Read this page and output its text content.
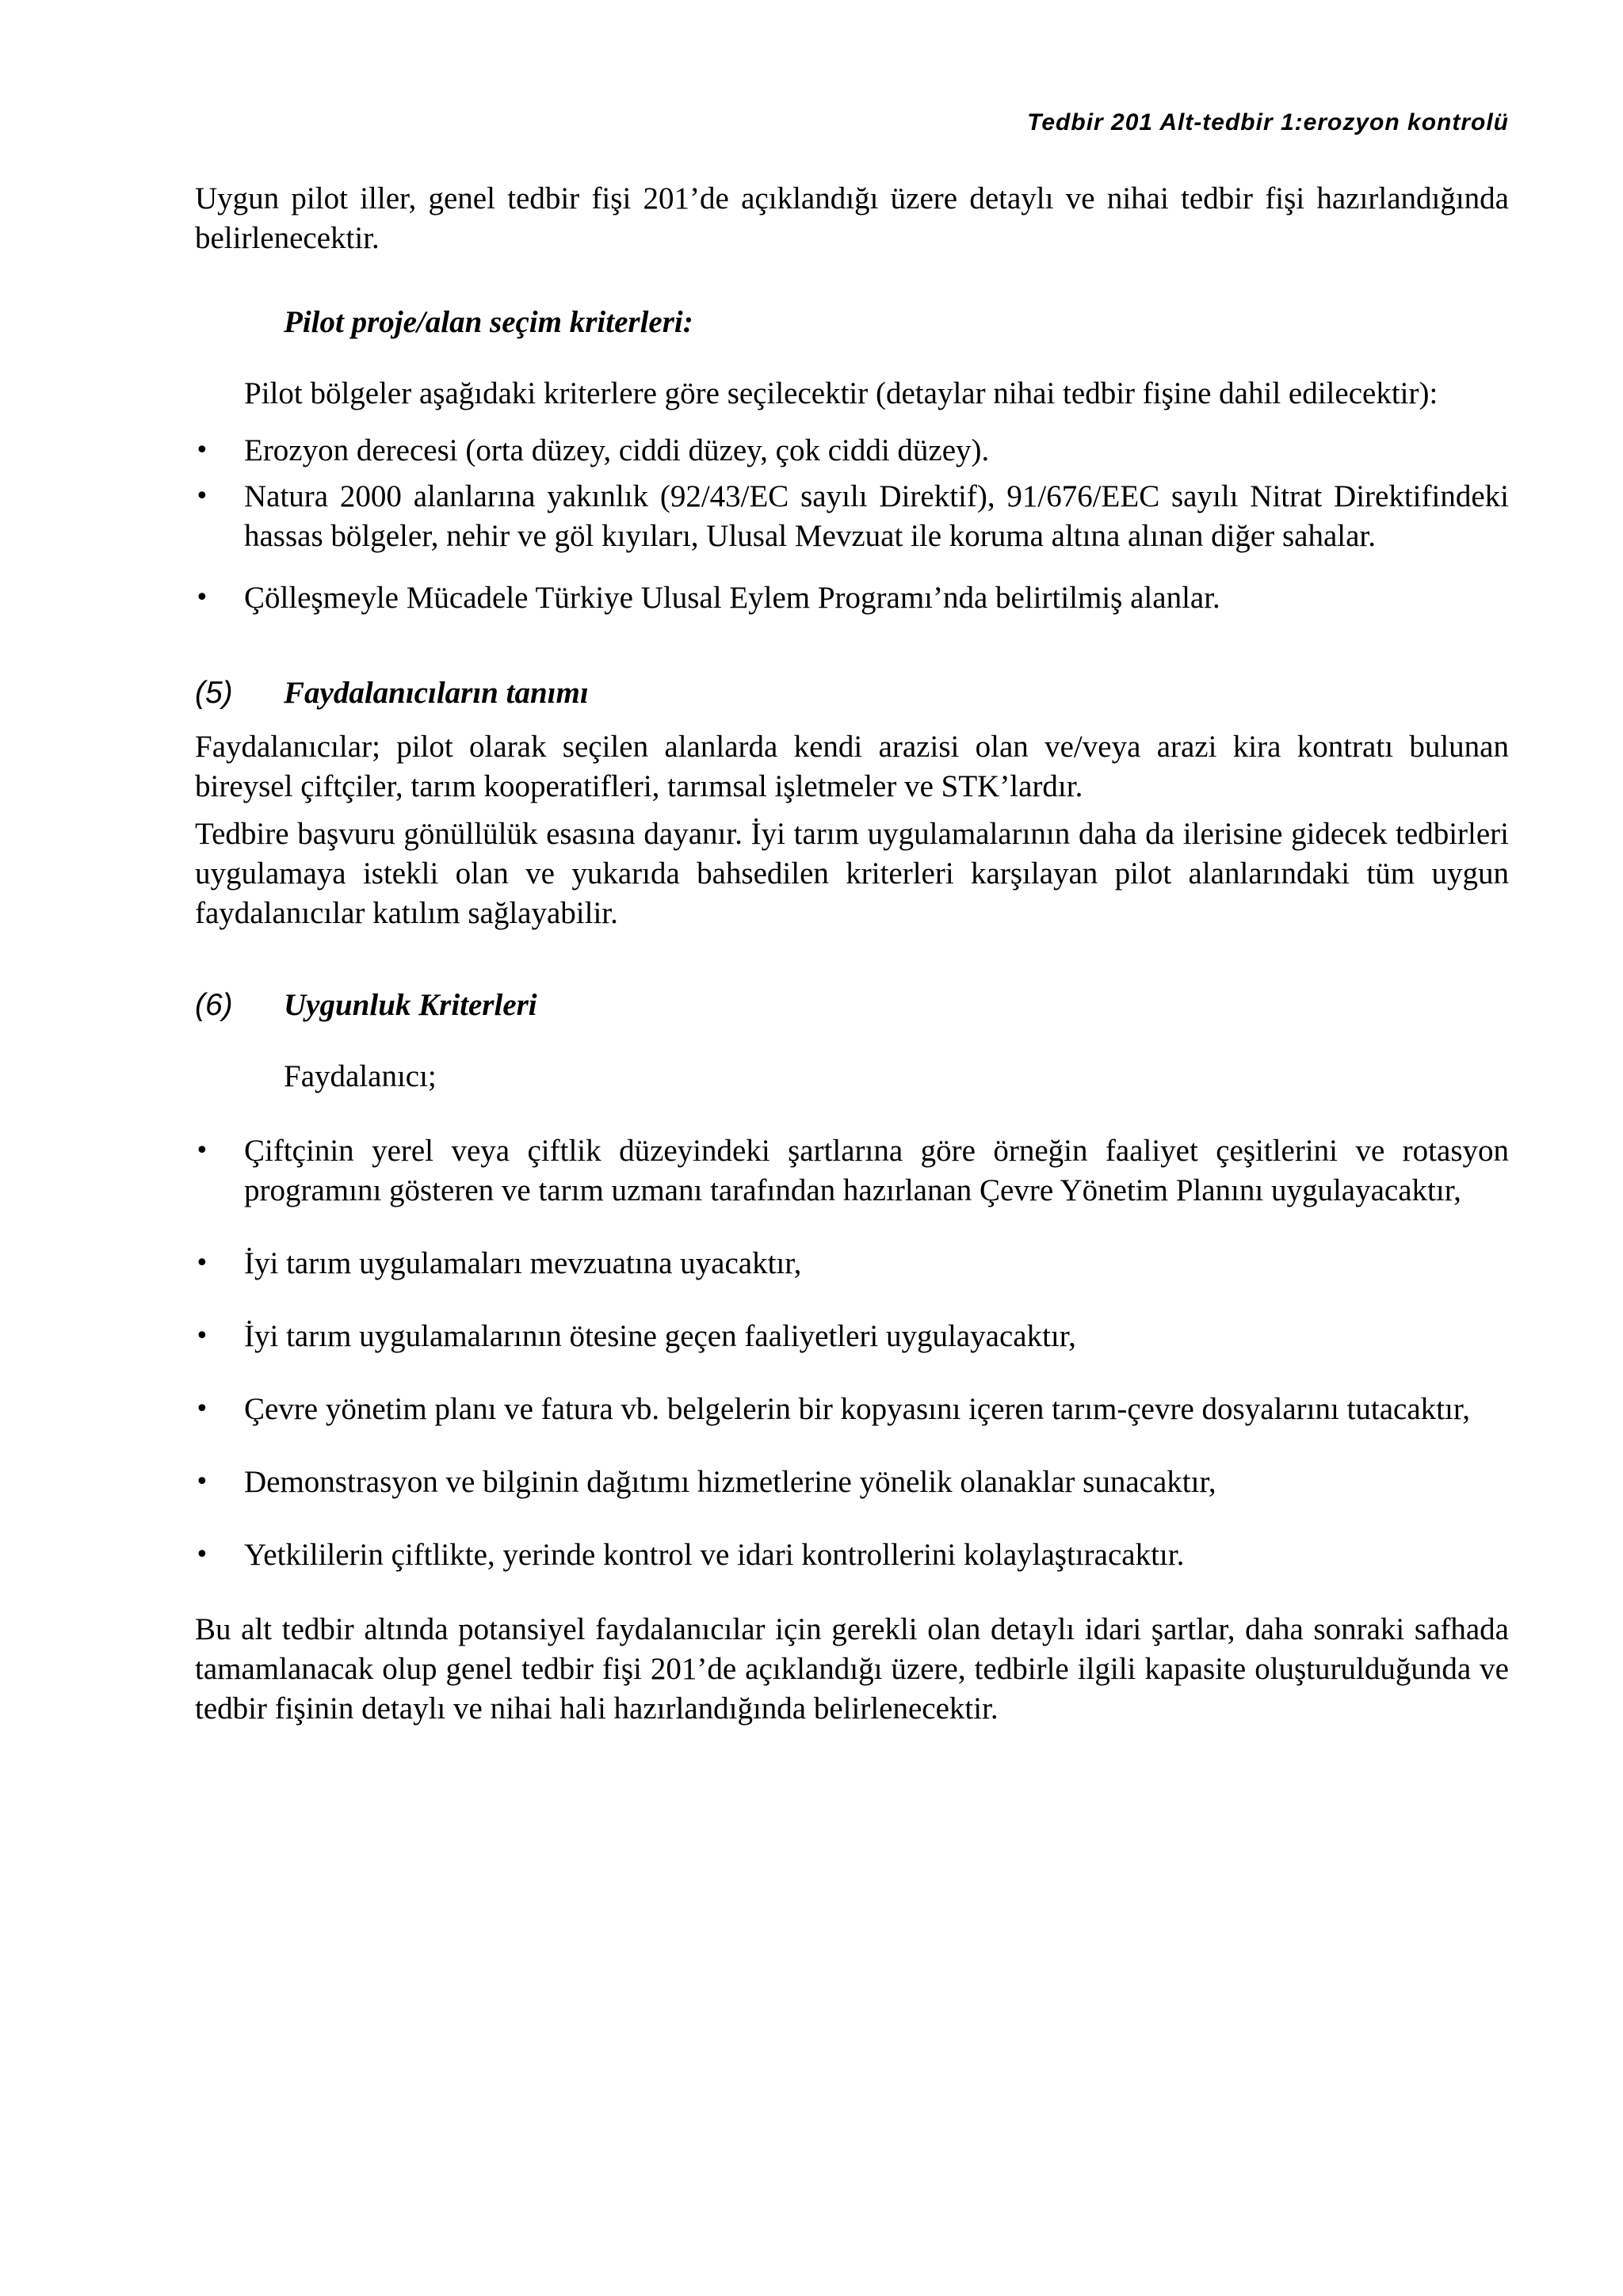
Tedbir 201 Alt-tedbir 1:erozyon kontrolü

Uygun pilot iller, genel tedbir fişi 201’de açıklandığı üzere detaylı ve nihai tedbir fişi hazırlandığında belirlenecektir.

Pilot proje/alan seçim kriterleri:

Pilot bölgeler aşağıdaki kriterlere göre seçilecektir (detaylar nihai tedbir fişine dahil edilecektir):

• Erozyon derecesi (orta düzey, ciddi düzey, çok ciddi düzey).
• Natura 2000 alanlarına yakınlık (92/43/EC sayılı Direktif), 91/676/EEC sayılı Nitrat Direktifindeki hassas bölgeler, nehir ve göl kıyıları, Ulusal Mevzuat ile koruma altına alınan diğer sahalar.
• Çölleşmeyle Mücadele Türkiye Ulusal Eylem Programı’nda belirtilmiş alanlar.
(5)	Faydalanıcıların tanımı

Faydalanıcılar; pilot olarak seçilen alanlarda kendi arazisi olan ve/veya arazi kira kontratı bulunan bireysel çiftçiler, tarım kooperatifleri, tarımsal işletmeler ve STK’lardır.

Tedbire başvuru gönüllülük esasına dayanır. İyi tarım uygulamalarının daha da ilerisine gidecek tedbirleri uygulamaya istekli olan ve yukarıda bahsedilen kriterleri karşılayan pilot alanlarındaki tüm uygun faydalanıcılar katılım sağlayabilir.

(6)	Uygunluk Kriterleri

Faydalanıcı;

• Çiftçinin yerel veya çiftlik düzeyindeki şartlarına göre örneğin faaliyet çeşitlerini ve rotasyon programını gösteren ve tarım uzmanı tarafından hazırlanan Çevre Yönetim Planını uygulayacaktır,
• İyi tarım uygulamaları mevzuatına uyacaktır,
• İyi tarım uygulamalarının ötesine geçen faaliyetleri uygulayacaktır,
• Çevre yönetim planı ve fatura vb. belgelerin bir kopyasını içeren tarım-çevre dosyalarını tutacaktır,
• Demonstrasyon ve bilginin dağıtımı hizmetlerine yönelik olanaklar sunacaktır,
• Yetkililerin çiftlikte, yerinde kontrol ve idari kontrollerini kolaylaştıracaktır.

Bu alt tedbir altında potansiyel faydalanıcılar için gerekli olan detaylı idari şartlar, daha sonraki safhada tamamlanacak olup genel tedbir fişi 201’de açıklandığı üzere, tedbirle ilgili kapasite oluşturulduğunda ve tedbir fişinin detaylı ve nihai hali hazırlandığında belirlenecektir.
